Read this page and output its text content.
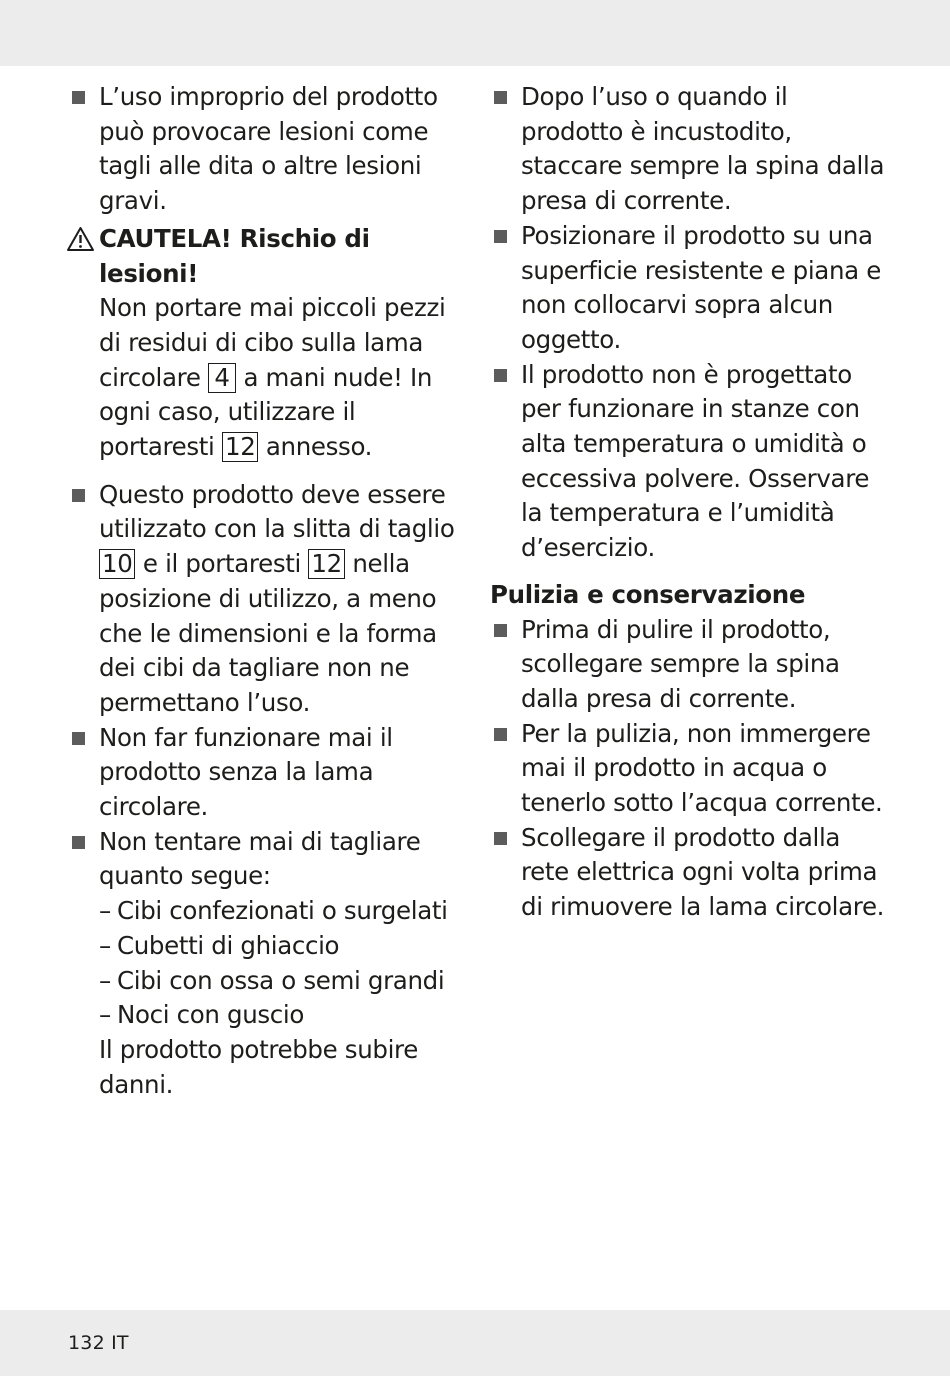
L’uso improprio del prodotto può provocare lesioni come tagli alle dita o altre lesioni gravi.
CAUTELA! Rischio di lesioni!
Non portare mai piccoli pezzi di residui di cibo sulla lama circolare 4 a mani nude! In ogni caso, utilizzare il portaresti 12 annesso.
Questo prodotto deve essere utilizzato con la slitta di taglio 10 e il portaresti 12 nella posizione di utilizzo, a meno che le dimensioni e la forma dei cibi da tagliare non ne permettano l’uso.
Non far funzionare mai il prodotto senza la lama circolare.
Non tentare mai di tagliare quanto segue:
– Cibi confezionati o surgelati
– Cubetti di ghiaccio
– Cibi con ossa o semi grandi
– Noci con guscio
Il prodotto potrebbe subire danni.
Dopo l’uso o quando il prodotto è incustodito, staccare sempre la spina dalla presa di corrente.
Posizionare il prodotto su una superficie resistente e piana e non collocarvi sopra alcun oggetto.
Il prodotto non è progettato per funzionare in stanze con alta temperatura o umidità o eccessiva polvere. Osservare la temperatura e l’umidità d’esercizio.
Pulizia e conservazione
Prima di pulire il prodotto, scollegare sempre la spina dalla presa di corrente.
Per la pulizia, non immergere mai il prodotto in acqua o tenerlo sotto l’acqua corrente.
Scollegare il prodotto dalla rete elettrica ogni volta prima di rimuovere la lama circolare.
132 IT
